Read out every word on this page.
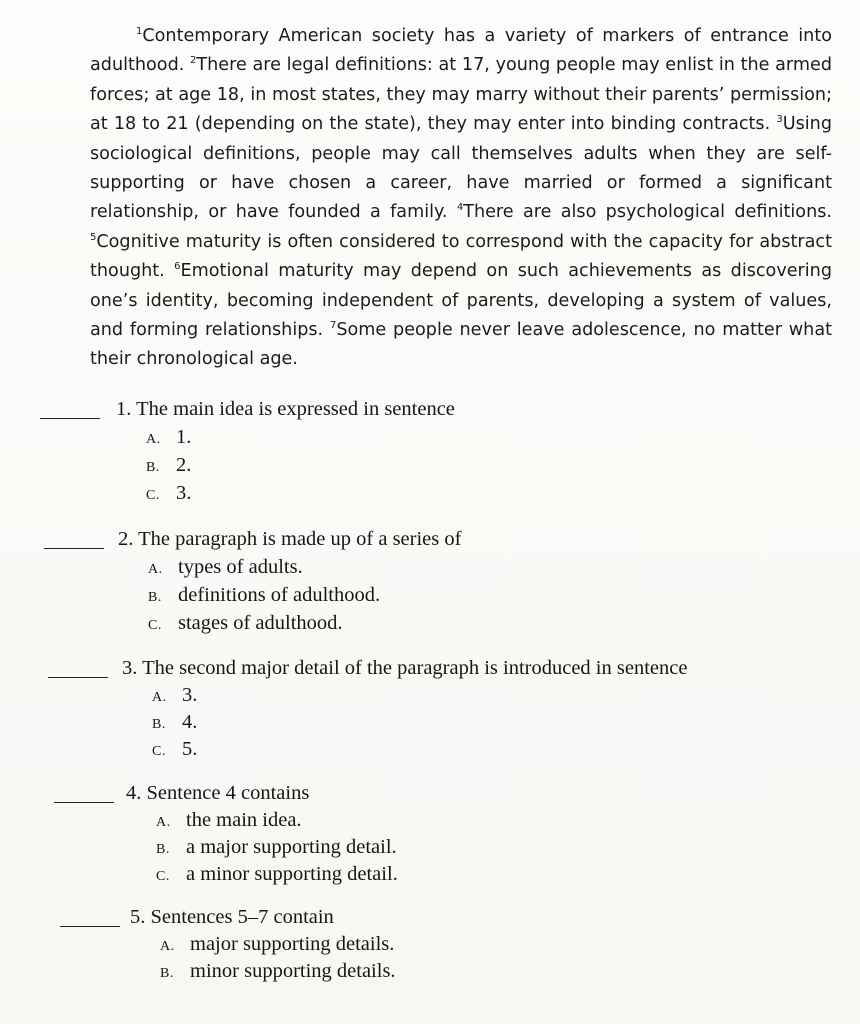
$^1$Contemporary American society has a variety of markers of entrance into adulthood. $^2$There are legal definitions: at 17, young people may enlist in the armed forces; at age 18, in most states, they may marry without their parents’ permission; at 18 to 21 (depending on the state), they may enter into binding contracts. $^3$Using sociological definitions, people may call themselves adults when they are self-supporting or have chosen a career, have married or formed a significant relationship, or have founded a family. $^4$There are also psychological definitions. $^5$Cognitive maturity is often considered to correspond with the capacity for abstract thought. $^6$Emotional maturity may depend on such achievements as discovering one’s identity, becoming independent of parents, developing a system of values, and forming relationships. $^7$Some people never leave adolescence, no matter what their chronological age.

1. The main idea is expressed in sentence
A. 1.
B. 2.
C. 3.
2. The paragraph is made up of a series of
A. types of adults.
B. definitions of adulthood.
C. stages of adulthood.
3. The second major detail of the paragraph is introduced in sentence
A. 3.
B. 4.
C. 5.
4. Sentence 4 contains
A. the main idea.
B. a major supporting detail.
C. a minor supporting detail.
5. Sentences 5–7 contain
A. major supporting details.
B. minor supporting details.
